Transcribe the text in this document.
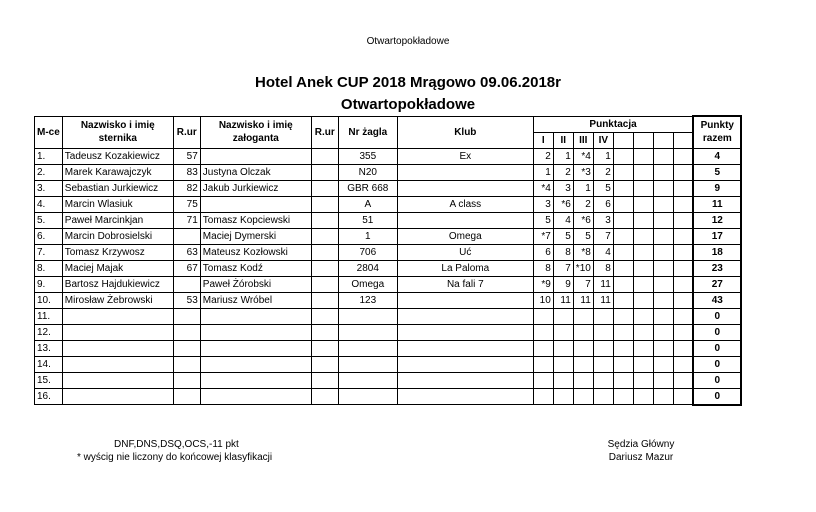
Otwartopokładowe
Hotel Anek CUP 2018 Mrągowo 09.06.2018r
Otwartopokładowe
M-ce	Nazwisko i imię sternika	R.ur	Nazwisko i imię załoganta	R.ur	Nr żagla	Klub	Punktacja								Punkty razem
							I	II	III	IV					
1.	Tadeusz Kozakiewicz	57			355	Ex	2	1	*4	1					4
2.	Marek Karawajczyk	83	Justyna Olczak		N20		1	2	*3	2					5
3.	Sebastian Jurkiewicz	82	Jakub Jurkiewicz		GBR 668		*4	3	1	5					9
4.	Marcin Wlasiuk	75			A	A class	3	*6	2	6					11
5.	Paweł Marcinkjan	71	Tomasz Kopciewski		51		5	4	*6	3					12
6.	Marcin Dobrosielski		Maciej Dymerski		1	Omega	*7	5	5	7					17
7.	Tomasz Krzywosz	63	Mateusz Kozłowski		706	Uć	6	8	*8	4					18
8.	Maciej Majak	67	Tomasz Kodź		2804	La Paloma	8	7	*10	8					23
9.	Bartosz Hajdukiewicz		Paweł Żórobski		Omega	Na fali 7	*9	9	7	11					27
10.	Mirosław Żebrowski	53	Mariusz Wróbel		123		10	11	11	11					43
11.															0
12.															0
13.															0
14.															0
15.															0
16.															0
DNF,DNS,DSQ,OCS,-11 pkt
* wyścig nie liczony do końcowej klasyfikacji
Sędzia Główny
Dariusz Mazur
